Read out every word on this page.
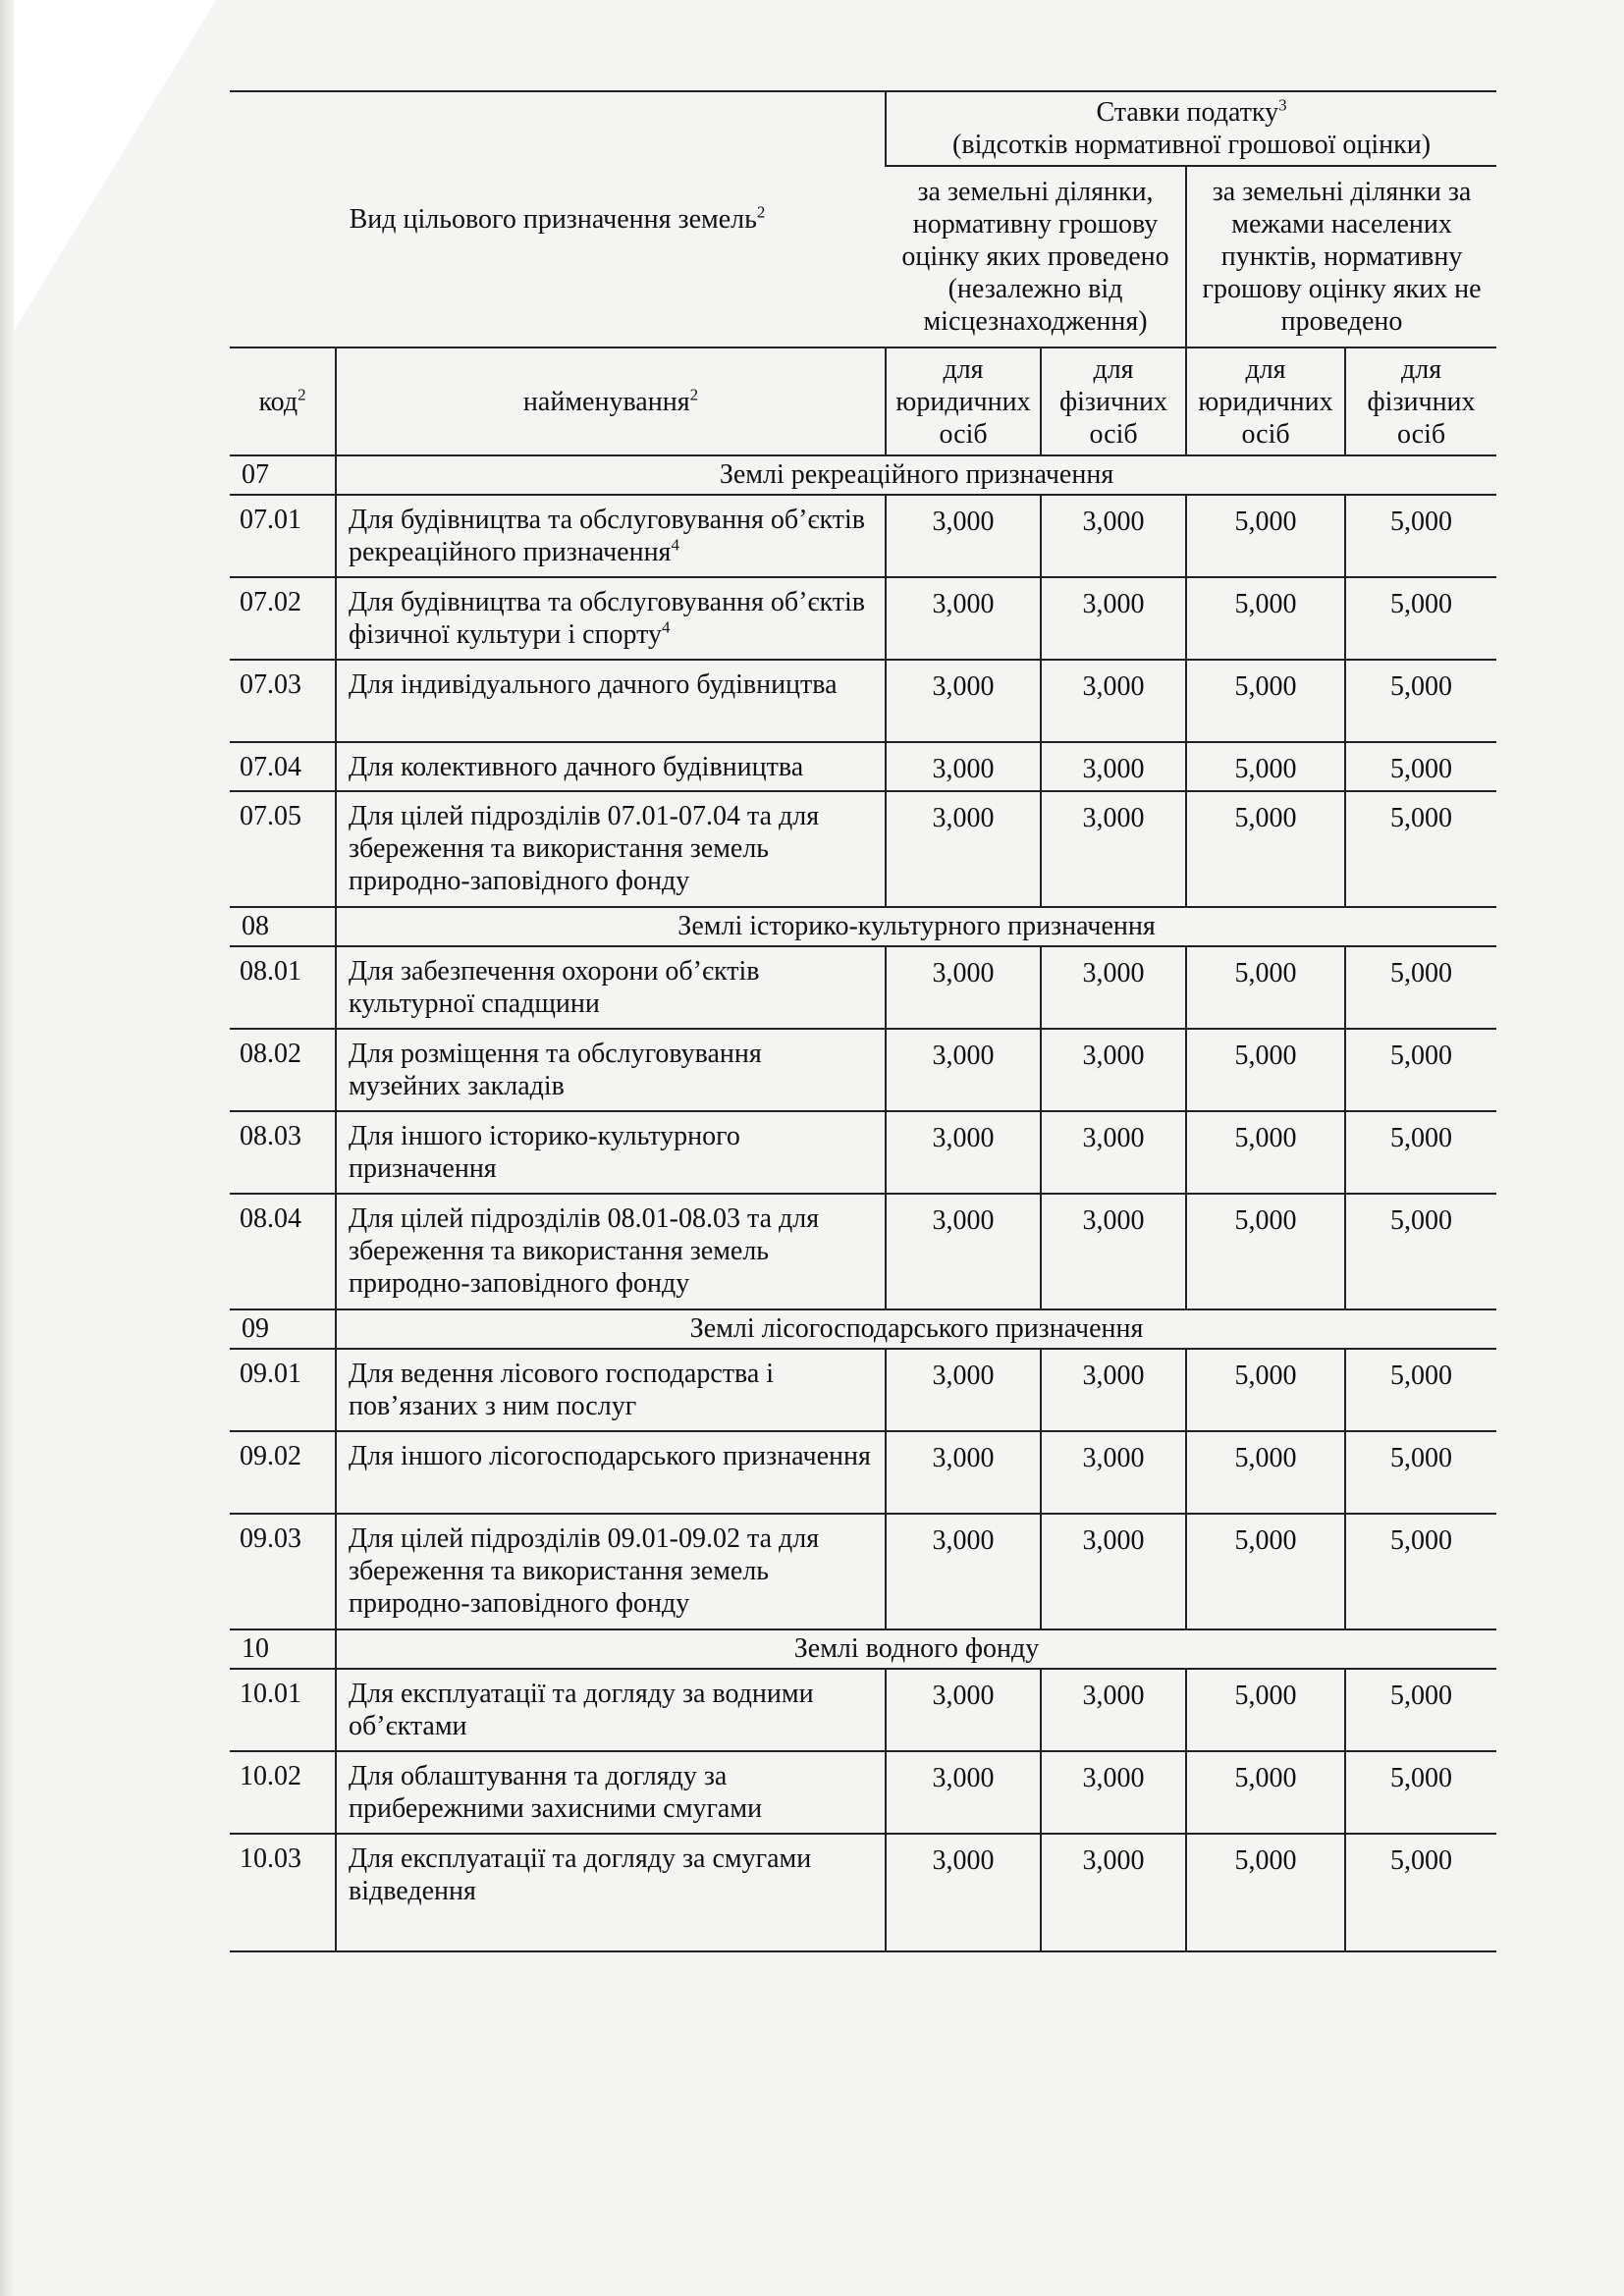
Вид цільового призначення земель$^2$		Ставки податку$^3$
(відсотків нормативної грошової оцінки)			
		за земельні ділянки, нормативну грошову оцінку яких проведено (незалежно від місцезнаходження)		за земельні ділянки за межами населених пунктів, нормативну грошову оцінку яких не проведено	
код$^2$	найменування$^2$	для юридичних осіб	для фізичних осіб	для юридичних осіб	для фізичних осіб
07	Землі рекреаційного призначення				
07.01	Для будівництва та обслуговування об’єктів рекреаційного призначення$^4$	3,000	3,000	5,000	5,000
07.02	Для будівництва та обслуговування об’єктів фізичної культури і спорту$^4$	3,000	3,000	5,000	5,000
07.03	Для індивідуального дачного будівництва	3,000	3,000	5,000	5,000
07.04	Для колективного дачного будівництва	3,000	3,000	5,000	5,000
07.05	Для цілей підрозділів 07.01-07.04 та для збереження та використання земель природно-заповідного фонду	3,000	3,000	5,000	5,000
08	Землі історико-культурного призначення				
08.01	Для забезпечення охорони об’єктів культурної спадщини	3,000	3,000	5,000	5,000
08.02	Для розміщення та обслуговування музейних закладів	3,000	3,000	5,000	5,000
08.03	Для іншого історико-культурного призначення	3,000	3,000	5,000	5,000
08.04	Для цілей підрозділів 08.01-08.03 та для збереження та використання земель природно-заповідного фонду	3,000	3,000	5,000	5,000
09	Землі лісогосподарського призначення				
09.01	Для ведення лісового господарства і пов’язаних з ним послуг	3,000	3,000	5,000	5,000
09.02	Для іншого лісогосподарського призначення	3,000	3,000	5,000	5,000
09.03	Для цілей підрозділів 09.01-09.02 та для збереження та використання земель природно-заповідного фонду	3,000	3,000	5,000	5,000
10	Землі водного фонду				
10.01	Для експлуатації та догляду за водними об’єктами	3,000	3,000	5,000	5,000
10.02	Для облаштування та догляду за прибережними захисними смугами	3,000	3,000	5,000	5,000
10.03	Для експлуатації та догляду за смугами відведення	3,000	3,000	5,000	5,000
